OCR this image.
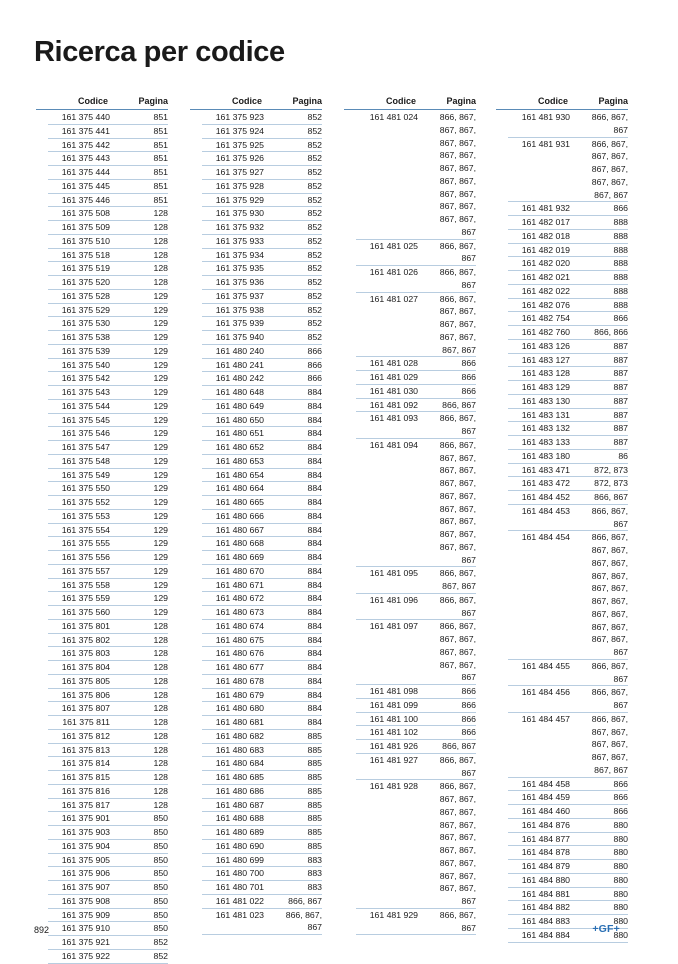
Ricerca per codice
Codice	Pagina
161 375 440	851
161 375 441	851
161 375 442	851
161 375 443	851
161 375 444	851
161 375 445	851
161 375 446	851
161 375 508	128
161 375 509	128
161 375 510	128
161 375 518	128
161 375 519	128
161 375 520	128
161 375 528	129
161 375 529	129
161 375 530	129
161 375 538	129
161 375 539	129
161 375 540	129
161 375 542	129
161 375 543	129
161 375 544	129
161 375 545	129
161 375 546	129
161 375 547	129
161 375 548	129
161 375 549	129
161 375 550	129
161 375 552	129
161 375 553	129
161 375 554	129
161 375 555	129
161 375 556	129
161 375 557	129
161 375 558	129
161 375 559	129
161 375 560	129
161 375 801	128
161 375 802	128
161 375 803	128
161 375 804	128
161 375 805	128
161 375 806	128
161 375 807	128
161 375 811	128
161 375 812	128
161 375 813	128
161 375 814	128
161 375 815	128
161 375 816	128
161 375 817	128
161 375 901	850
161 375 903	850
161 375 904	850
161 375 905	850
161 375 906	850
161 375 907	850
161 375 908	850
161 375 909	850
161 375 910	850
161 375 921	852
161 375 922	852
Codice	Pagina
161 375 923	852
161 375 924	852
161 375 925	852
161 375 926	852
161 375 927	852
161 375 928	852
161 375 929	852
161 375 930	852
161 375 932	852
161 375 933	852
161 375 934	852
161 375 935	852
161 375 936	852
161 375 937	852
161 375 938	852
161 375 939	852
161 375 940	852
161 480 240	866
161 480 241	866
161 480 242	866
161 480 648	884
161 480 649	884
161 480 650	884
161 480 651	884
161 480 652	884
161 480 653	884
161 480 654	884
161 480 664	884
161 480 665	884
161 480 666	884
161 480 667	884
161 480 668	884
161 480 669	884
161 480 670	884
161 480 671	884
161 480 672	884
161 480 673	884
161 480 674	884
161 480 675	884
161 480 676	884
161 480 677	884
161 480 678	884
161 480 679	884
161 480 680	884
161 480 681	884
161 480 682	885
161 480 683	885
161 480 684	885
161 480 685	885
161 480 686	885
161 480 687	885
161 480 688	885
161 480 689	885
161 480 690	885
161 480 699	883
161 480 700	883
161 480 701	883
161 481 022	866, 867
161 481 023	866, 867,
867
Codice	Pagina
161 481 024	866, 867,
867, 867,
867, 867,
867, 867,
867, 867,
867, 867,
867, 867,
867, 867,
867, 867,
867
161 481 025	866, 867,
867
161 481 026	866, 867,
867
161 481 027	866, 867,
867, 867,
867, 867,
867, 867,
867, 867
161 481 028	866
161 481 029	866
161 481 030	866
161 481 092	866, 867
161 481 093	866, 867,
867
161 481 094	866, 867,
867, 867,
867, 867,
867, 867,
867, 867,
867, 867,
867, 867,
867, 867,
867, 867,
867
161 481 095	866, 867,
867, 867
161 481 096	866, 867,
867
161 481 097	866, 867,
867, 867,
867, 867,
867, 867,
867
161 481 098	866
161 481 099	866
161 481 100	866
161 481 102	866
161 481 926	866, 867
161 481 927	866, 867,
867
161 481 928	866, 867,
867, 867,
867, 867,
867, 867,
867, 867,
867, 867,
867, 867,
867, 867,
867, 867,
867
161 481 929	866, 867,
867
Codice	Pagina
161 481 930	866, 867,
867
161 481 931	866, 867,
867, 867,
867, 867,
867, 867,
867, 867
161 481 932	866
161 482 017	888
161 482 018	888
161 482 019	888
161 482 020	888
161 482 021	888
161 482 022	888
161 482 076	888
161 482 754	866
161 482 760	866, 866
161 483 126	887
161 483 127	887
161 483 128	887
161 483 129	887
161 483 130	887
161 483 131	887
161 483 132	887
161 483 133	887
161 483 180	86
161 483 471	872, 873
161 483 472	872, 873
161 484 452	866, 867
161 484 453	866, 867,
867
161 484 454	866, 867,
867, 867,
867, 867,
867, 867,
867, 867,
867, 867,
867, 867,
867, 867,
867, 867,
867
161 484 455	866, 867,
867
161 484 456	866, 867,
867
161 484 457	866, 867,
867, 867,
867, 867,
867, 867,
867, 867
161 484 458	866
161 484 459	866
161 484 460	866
161 484 876	880
161 484 877	880
161 484 878	880
161 484 879	880
161 484 880	880
161 484 881	880
161 484 882	880
161 484 883	880
161 484 884	880
892	+GF+
